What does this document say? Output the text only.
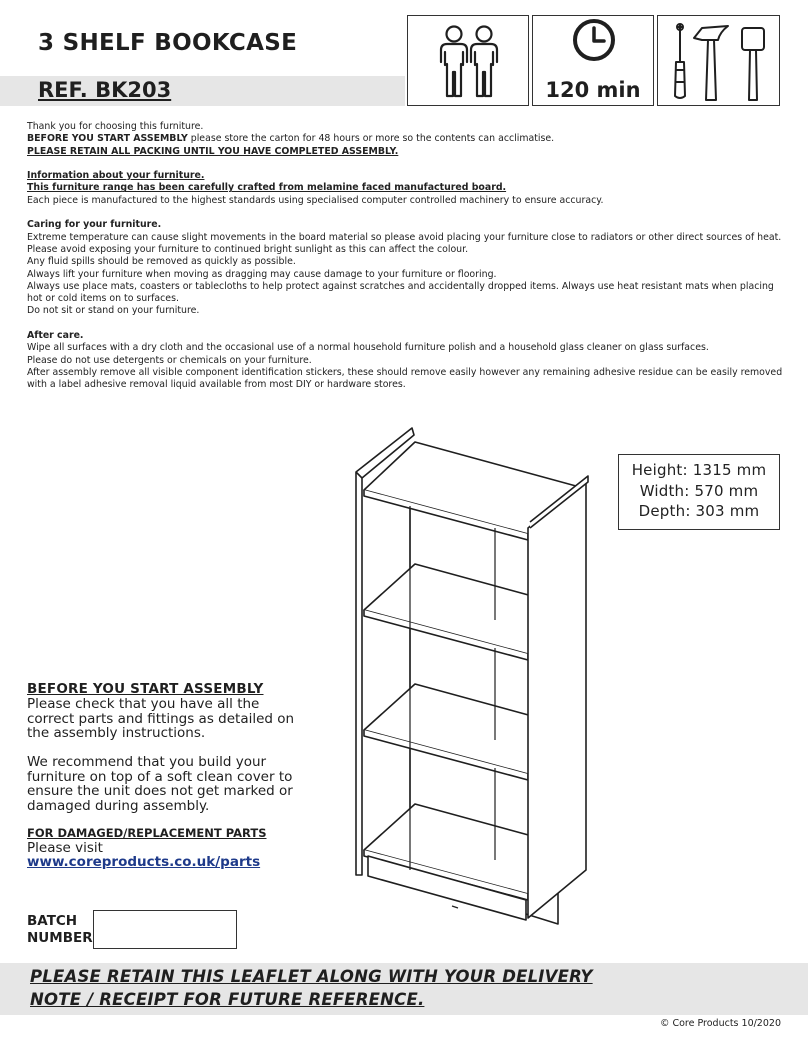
3 SHELF BOOKCASE
REF. BK203	120 min

Thank you for choosing this furniture.

BEFORE YOU START ASSEMBLY please store the carton for 48 hours or more so the contents can acclimatise.

PLEASE RETAIN ALL PACKING UNTIL YOU HAVE COMPLETED ASSEMBLY.

Information about your furniture.

This furniture range has been carefully crafted from melamine faced manufactured board.

Each piece is manufactured to the highest standards using specialised computer controlled machinery to ensure accuracy.

Caring for your furniture.

Extreme temperature can cause slight movements in the board material so please avoid placing your furniture close to radiators or other direct sources of heat.

Please avoid exposing your furniture to continued bright sunlight as this can affect the colour.

Any fluid spills should be removed as quickly as possible.

Always lift your furniture when moving as dragging may cause damage to your furniture or flooring.

Always use place mats, coasters or tablecloths to help protect against scratches and accidentally dropped items. Always use heat resistant mats when placing hot or cold items on to surfaces.

Do not sit or stand on your furniture.

After care.

Wipe all surfaces with a dry cloth and the occasional use of a normal household furniture polish and a household glass cleaner on glass surfaces.

Please do not use detergents or chemicals on your furniture.

After assembly remove all visible component identification stickers, these should remove easily however any remaining adhesive residue can be easily removed with a label adhesive removal liquid available from most DIY or hardware stores.

Height: 1315 mm
Width: 570 mm
Depth: 303 mm
BEFORE YOU START ASSEMBLY

Please check that you have all the correct parts and fittings as detailed on the assembly instructions.

We recommend that you build your furniture on top of a soft clean cover to ensure the unit does not get marked or damaged during assembly.

FOR DAMAGED/REPLACEMENT PARTS
Please visit
www.coreproducts.co.uk/parts
BATCH
NUMBER
PLEASE RETAIN THIS LEAFLET ALONG WITH YOUR DELIVERY
NOTE / RECEIPT FOR FUTURE REFERENCE.
© Core Products 10/2020
